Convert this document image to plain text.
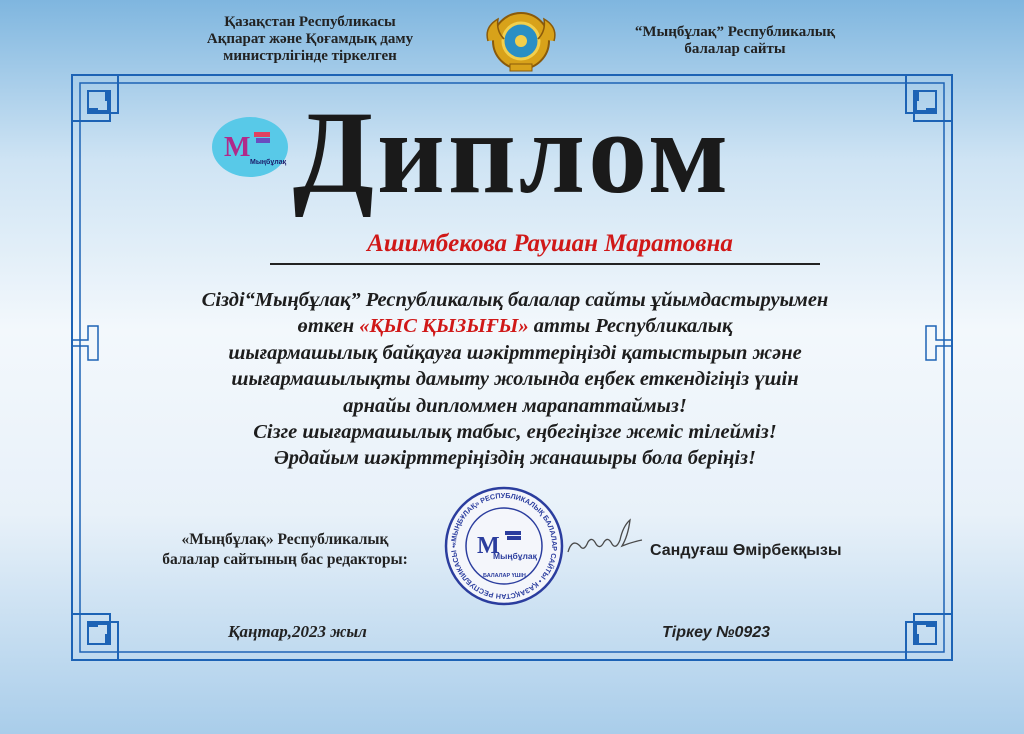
Қазақстан Республикасы
Ақпарат және Қоғамдық даму
министрлігінде тіркелген
“Мыңбұлақ” Республикалық
балалар сайты
M Мыңбұлақ Диплом
Ашимбекова Раушан Маратовна
Сізді“Мыңбұлақ” Республикалық балалар сайты ұйымдастыруымен
өткен «ҚЫС ҚЫЗЫҒЫ» атты Республикалық
шығармашылық байқауға шәкірттеріңізді қатыстырып және
шығармашылықты дамыту жолында еңбек еткендігіңіз үшін
арнайы дипломмен марапаттаймыз!
Сізге шығармашылық табыс, еңбегіңізге жеміс тілейміз!
Әрдайым шәкірттеріңіздің жанашыры бола беріңіз!
«Мыңбұлақ» Республикалық
балалар сайтының бас редакторы:
«МЫҢБҰЛАҚ» РЕСПУБЛИКАЛЫҚ БАЛАЛАР САЙТЫ • ҚАЗАҚСТАН РЕСПУБЛИКАСЫ • M
Мыңбұлақ
БАЛАЛАР ҮШІН
Сандуғаш Өмірбекқызы
Қаңтар,2023 жыл	Тіркеу №0923
